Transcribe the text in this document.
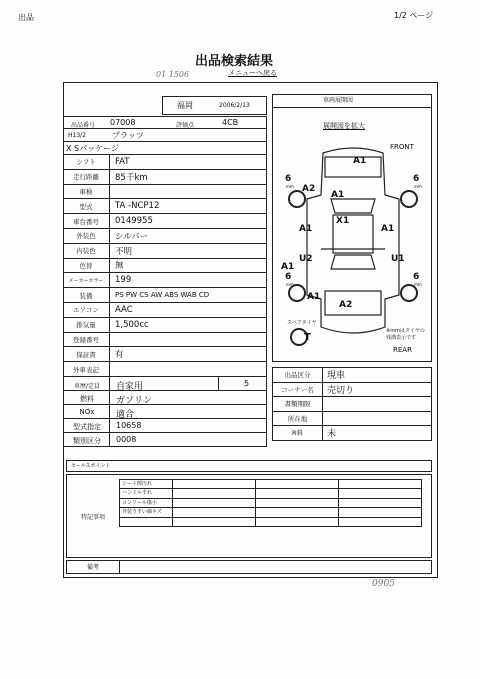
出品	1/2 ページ
出品検索結果
メニューへ戻る
01 1506
福岡	2006/2/13
出品番号	07008	評価点	4CB
H13/2	プラッツ
X Sパッケージ
シフト	FAT
走行距離	85千km
車検
型式	TA -NCP12
車台番号	0149955
外装色	シルバー
内装色	不明
色替	無
メーカーカラー	199
装備	PS PW CS AW ABS WAB CD
エアコン	AAC
排気量	1,500cc
登録番号
保証書	有
外車表記
車歴/定員	自家用	5
燃料	ガソリン
NOx	適合
型式指定	10658
類別区分	0008
車両展開図
展開図を拡大
FRONT
REAR
スペアタイヤ
※mmはタイヤの
残溝表示です
A1
A2
A1
X1
A1	A1
U2	U1
A1
A1
A2
6	6
6	6
mm	mm
mm	mm
T
出品区分	現車
コーナー名	売切り
書類期限
所在地
R料	未
セールスポイント
特記事項
シート擦汚れ
ハンドルすれ
コンソール傷小
外装うすい線キズ
備考
0905
